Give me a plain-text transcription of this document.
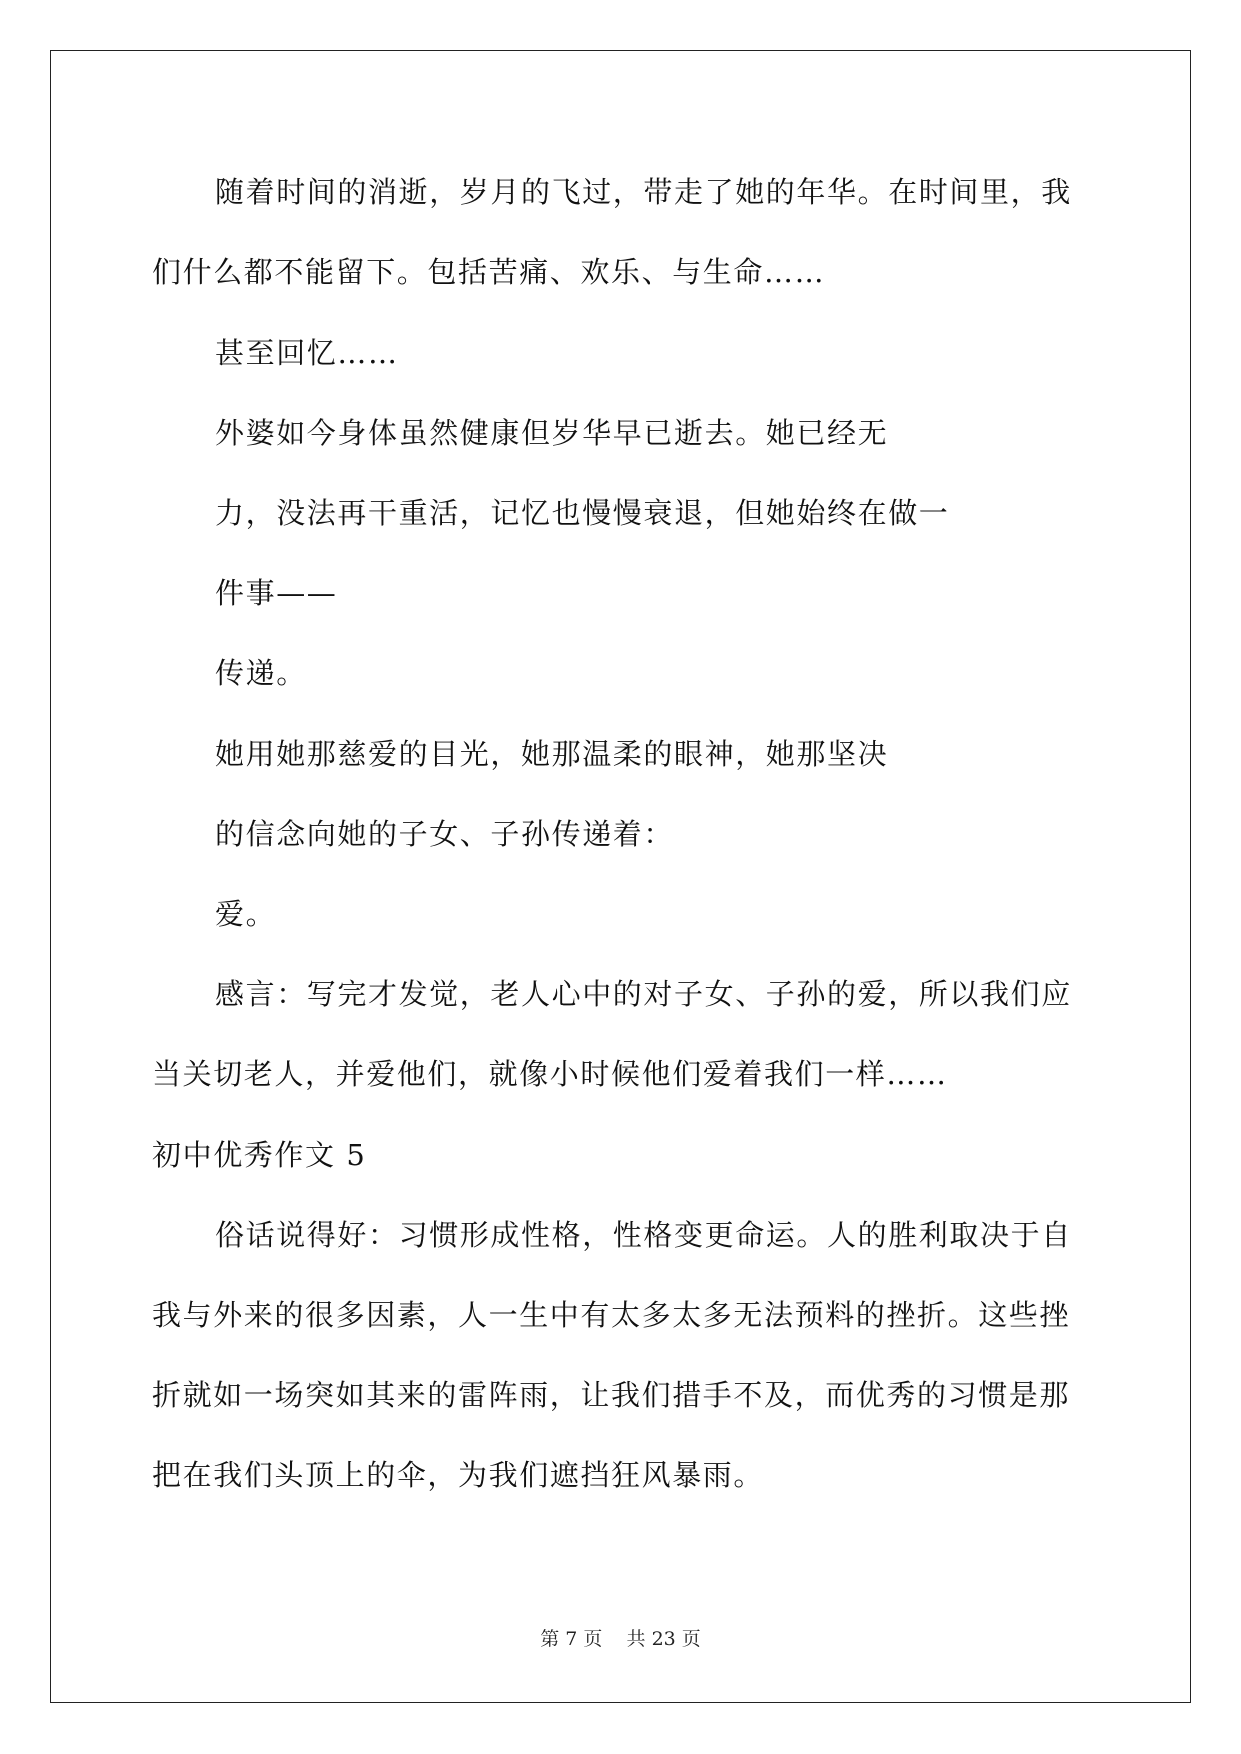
随着时间的消逝，岁月的飞过，带走了她的年华。在时间里，我
们什么都不能留下。包括苦痛、欢乐、与生命……
甚至回忆……
外婆如今身体虽然健康但岁华早已逝去。她已经无
力，没法再干重活，记忆也慢慢衰退，但她始终在做一
件事——
传递。
她用她那慈爱的目光，她那温柔的眼神，她那坚决
的信念向她的子女、子孙传递着：
爱。
感言：写完才发觉，老人心中的对子女、子孙的爱，所以我们应
当关切老人，并爱他们，就像小时候他们爱着我们一样……
初中优秀作文 5
俗话说得好：习惯形成性格，性格变更命运。人的胜利取决于自
我与外来的很多因素，人一生中有太多太多无法预料的挫折。这些挫
折就如一场突如其来的雷阵雨，让我们措手不及，而优秀的习惯是那
把在我们头顶上的伞，为我们遮挡狂风暴雨。
第 7 页 共 23 页
